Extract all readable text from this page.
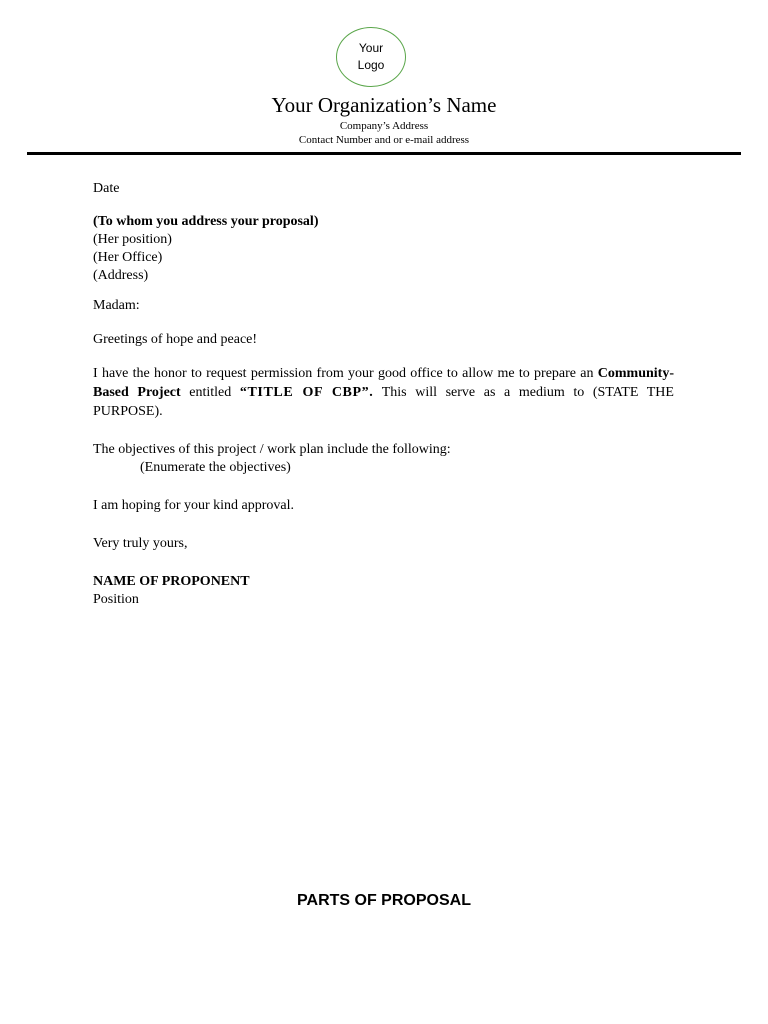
Your
Logo
Your Organization’s Name
Company’s Address
Contact Number and or e-mail address
Date
(To whom you address your proposal)
(Her position)
(Her Office)
(Address)
Madam:
Greetings of hope and peace!
I have the honor to request permission from your good office to allow me to prepare an Community-Based Project entitled “TITLE OF CBP”. This will serve as a medium to (STATE THE PURPOSE).
The objectives of this project / work plan include the following:
(Enumerate the objectives)
I am hoping for your kind approval.
Very truly yours,
NAME OF PROPONENT
Position
PARTS OF PROPOSAL
